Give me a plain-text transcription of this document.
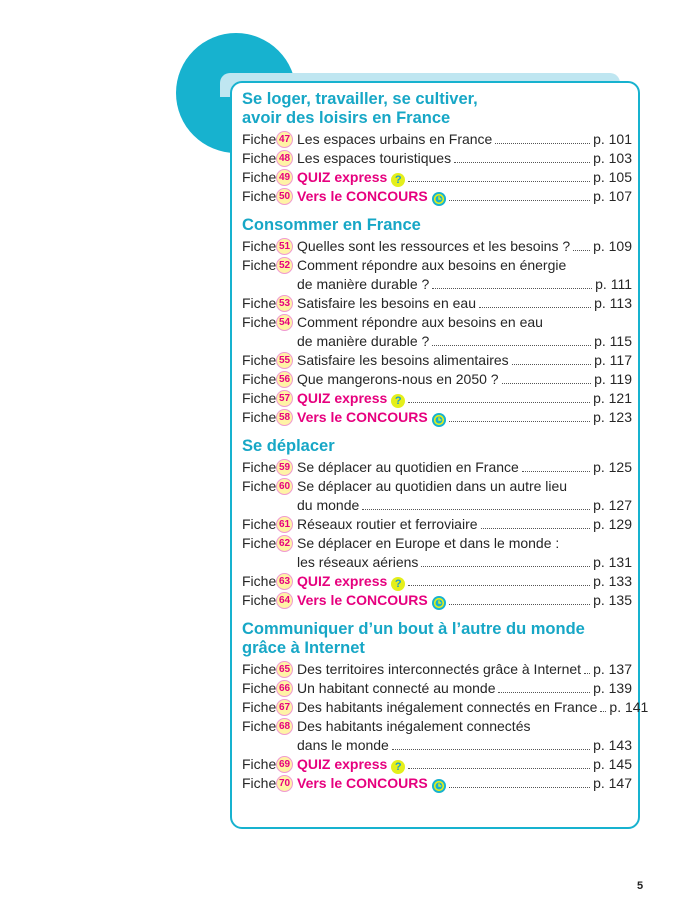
Se loger, travailler, se cultiver,
avoir des loisirs en France
Fiche 47 Les espaces urbains en France	p. 101
Fiche 48 Les espaces touristiques	p. 103
Fiche 49 QUIZ express ?	p. 105
Fiche 50 Vers le CONCOURS	p. 107
Consommer en France
Fiche 51 Quelles sont les ressources et les besoins ? p. 109
Fiche 52 Comment répondre aux besoins en énergie
de manière durable ?	p. 111
Fiche 53 Satisfaire les besoins en eau	p. 113
Fiche 54 Comment répondre aux besoins en eau
de manière durable ?	p. 115
Fiche 55 Satisfaire les besoins alimentaires	p. 117
Fiche 56 Que mangerons-nous en 2050 ?	p. 119
Fiche 57 QUIZ express ?	p. 121
Fiche 58 Vers le CONCOURS	p. 123
Se déplacer
Fiche 59 Se déplacer au quotidien en France	p. 125
Fiche 60 Se déplacer au quotidien dans un autre lieu
du monde	p. 127
Fiche 61 Réseaux routier et ferroviaire	p. 129
Fiche 62 Se déplacer en Europe et dans le monde :
les réseaux aériens	p. 131
Fiche 63 QUIZ express ?	p. 133
Fiche 64 Vers le CONCOURS	p. 135
Communiquer d’un bout à l’autre du monde
grâce à Internet
Fiche 65 Des territoires interconnectés grâce à Internet p. 137
Fiche 66 Un habitant connecté au monde	p. 139
Fiche 67 Des habitants inégalement connectés en France p. 141
Fiche 68 Des habitants inégalement connectés
dans le monde	p. 143
Fiche 69 QUIZ express ?	p. 145
Fiche 70 Vers le CONCOURS	p. 147
5
